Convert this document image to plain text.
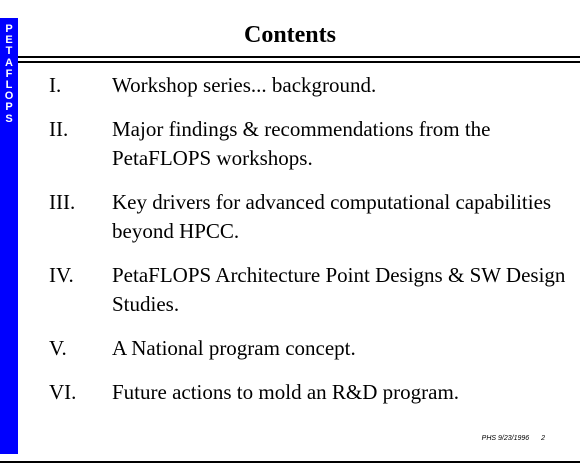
P
E
T
A
F
L
O
P
S
Contents
I. Workshop series... background.
II. Major findings & recommendations from the PetaFLOPS workshops.
III. Key drivers for advanced computational capabilities beyond HPCC.
IV. PetaFLOPS Architecture Point Designs & SW Design Studies.
V. A National program concept.
VI. Future actions to mold an R&D program.
PHS 9/23/1996 2
